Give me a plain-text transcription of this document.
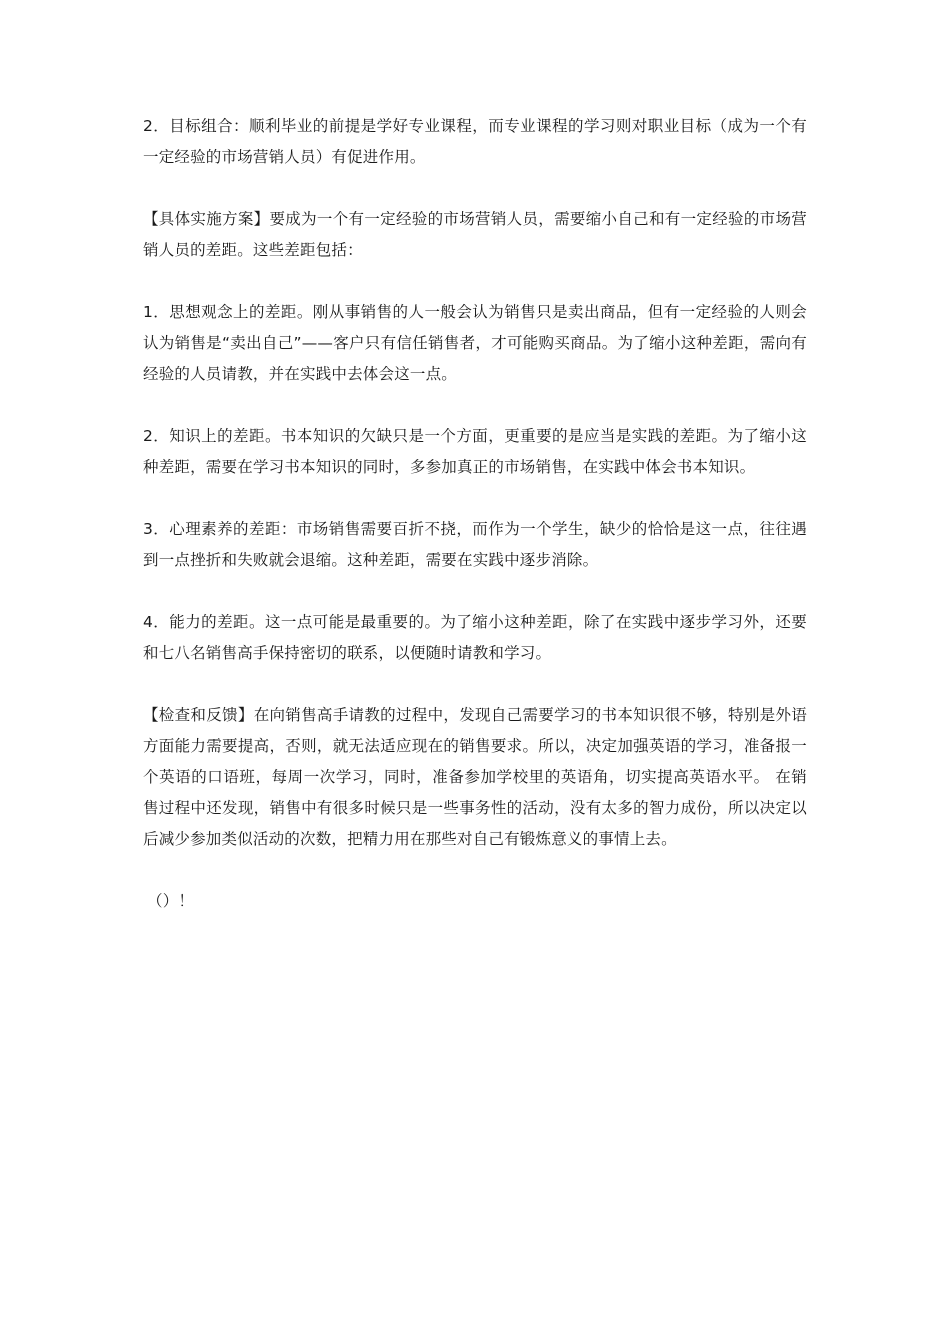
2．目标组合：顺利毕业的前提是学好专业课程，而专业课程的学习则对职业目标（成为一个有一定经验的市场营销人员）有促进作用。

【具体实施方案】要成为一个有一定经验的市场营销人员，需要缩小自己和有一定经验的市场营销人员的差距。这些差距包括：

1．思想观念上的差距。刚从事销售的人一般会认为销售只是卖出商品，但有一定经验的人则会认为销售是“卖出自己”——客户只有信任销售者，才可能购买商品。为了缩小这种差距，需向有经验的人员请教，并在实践中去体会这一点。

2．知识上的差距。书本知识的欠缺只是一个方面，更重要的是应当是实践的差距。为了缩小这种差距，需要在学习书本知识的同时，多参加真正的市场销售，在实践中体会书本知识。

3．心理素养的差距：市场销售需要百折不挠，而作为一个学生，缺少的恰恰是这一点，往往遇到一点挫折和失败就会退缩。这种差距，需要在实践中逐步消除。

4．能力的差距。这一点可能是最重要的。为了缩小这种差距，除了在实践中逐步学习外，还要和七八名销售高手保持密切的联系，以便随时请教和学习。

【检查和反馈】在向销售高手请教的过程中，发现自己需要学习的书本知识很不够，特别是外语方面能力需要提高，否则，就无法适应现在的销售要求。所以，决定加强英语的学习，准备报一个英语的口语班，每周一次学习，同时，准备参加学校里的英语角，切实提高英语水平。 在销售过程中还发现，销售中有很多时候只是一些事务性的活动，没有太多的智力成份，所以决定以后减少参加类似活动的次数，把精力用在那些对自己有锻炼意义的事情上去。

（）！
